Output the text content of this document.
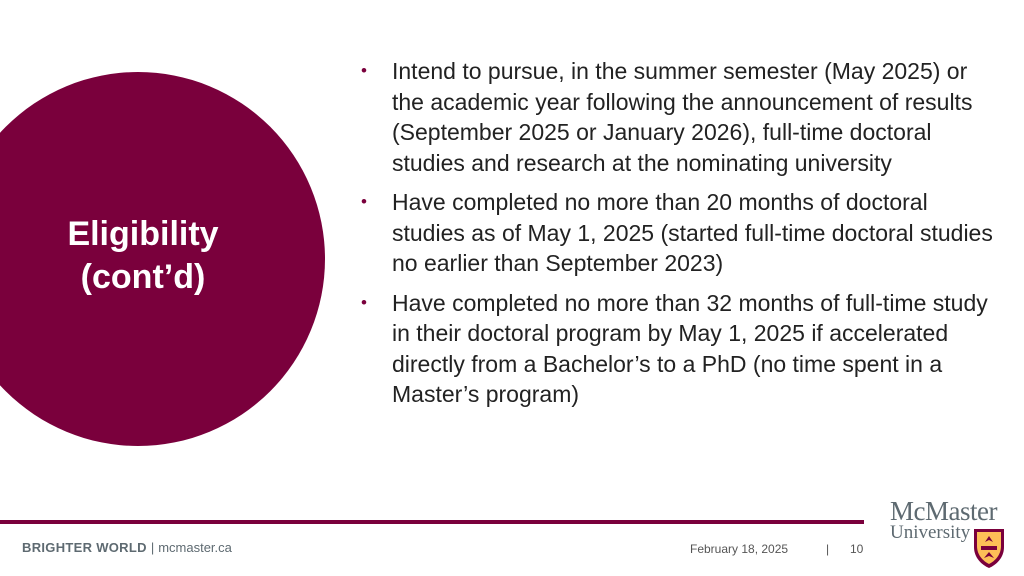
Eligibility
(cont’d)
• Intend to pursue, in the summer semester (May 2025) or the academic year following the announcement of results (September 2025 or January 2026), full-time doctoral studies and research at the nominating university
• Have completed no more than 20 months of doctoral studies as of May 1, 2025 (started full-time doctoral studies no earlier than September 2023)
• Have completed no more than 32 months of full-time study in their doctoral program by May 1, 2025 if accelerated directly from a Bachelor’s to a PhD (no time spent in a Master’s program)
BRIGHTER WORLD | mcmaster.ca	February 18, 2025	| 10
McMaster
University
